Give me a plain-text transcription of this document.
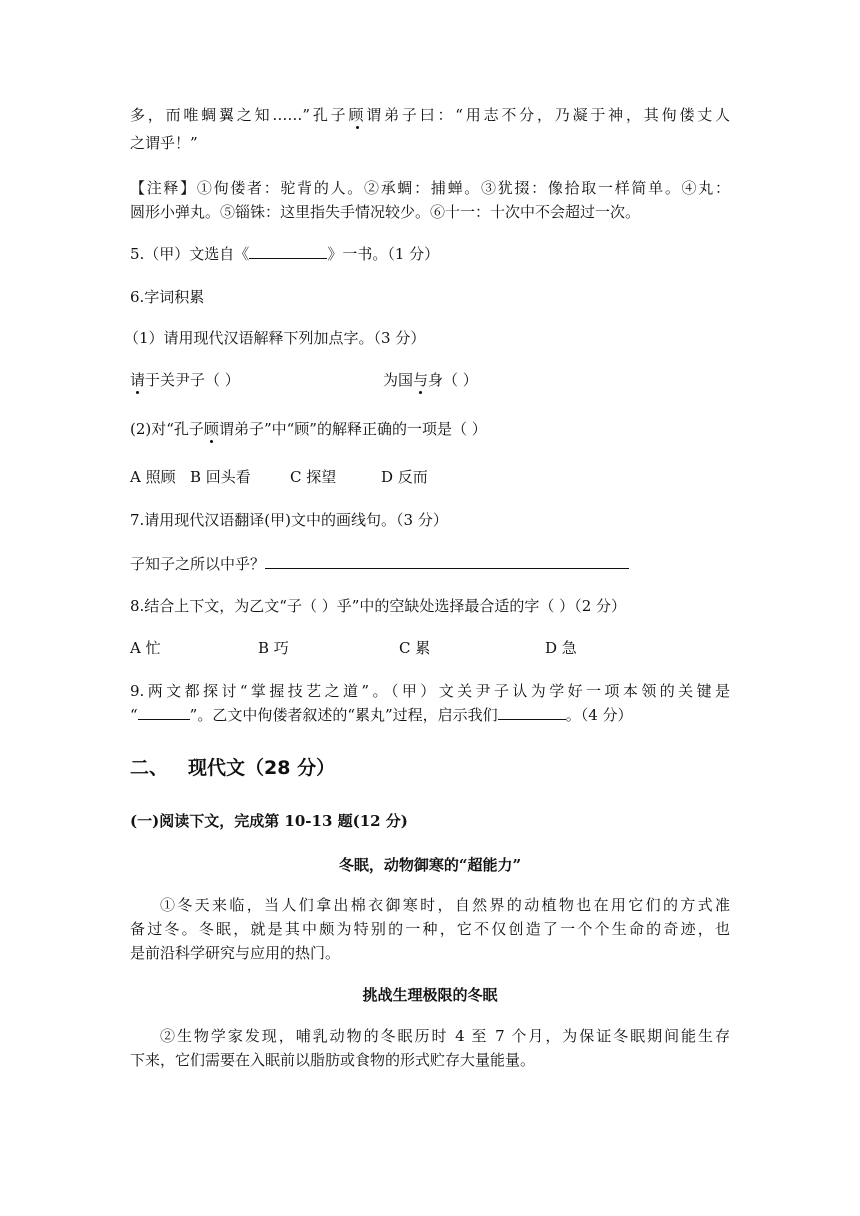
多，而唯蜩翼之知……”孔子顾谓弟子曰：“用志不分，乃凝于神，其佝偻丈人
之谓乎！”
【注释】①佝偻者：驼背的人。②承蜩：捕蝉。③犹掇：像拾取一样简单。④丸：
圆形小弹丸。⑤锱铢：这里指失手情况较少。⑥十一：十次中不会超过一次。
5.（甲）文选自《	》一书。（1 分）
6.字词积累
（1）请用现代汉语解释下列加点字。（3 分）
请于关尹子（ ）	为国与身（ ）
(2)对“孔子顾谓弟子”中“顾”的解释正确的一项是（ ）
A 照顾 B 回头看	C 探望	D 反而
7.请用现代汉语翻译(甲)文中的画线句。（3 分）
子知子之所以中乎？
8.结合上下文，为乙文“子（ ）乎”中的空缺处选择最合适的字（ ）（2 分）
A 忙	B 巧	C 累	D 急
9.两文都探讨“掌握技艺之道”。（甲）文关尹子认为学好一项本领的关键是
“	”。乙文中佝偻者叙述的“累丸”过程，启示我们	。（4 分）
二、 现代文（28 分）
(一)阅读下文，完成第 10-13 题(12 分)
冬眠，动物御寒的“超能力”
①冬天来临，当人们拿出棉衣御寒时，自然界的动植物也在用它们的方式准
备过冬。冬眠，就是其中颇为特别的一种，它不仅创造了一个个生命的奇迹，也
是前沿科学研究与应用的热门。
挑战生理极限的冬眠
②生物学家发现，哺乳动物的冬眠历时 4 至 7 个月，为保证冬眠期间能生存
下来，它们需要在入眠前以脂肪或食物的形式贮存大量能量。
